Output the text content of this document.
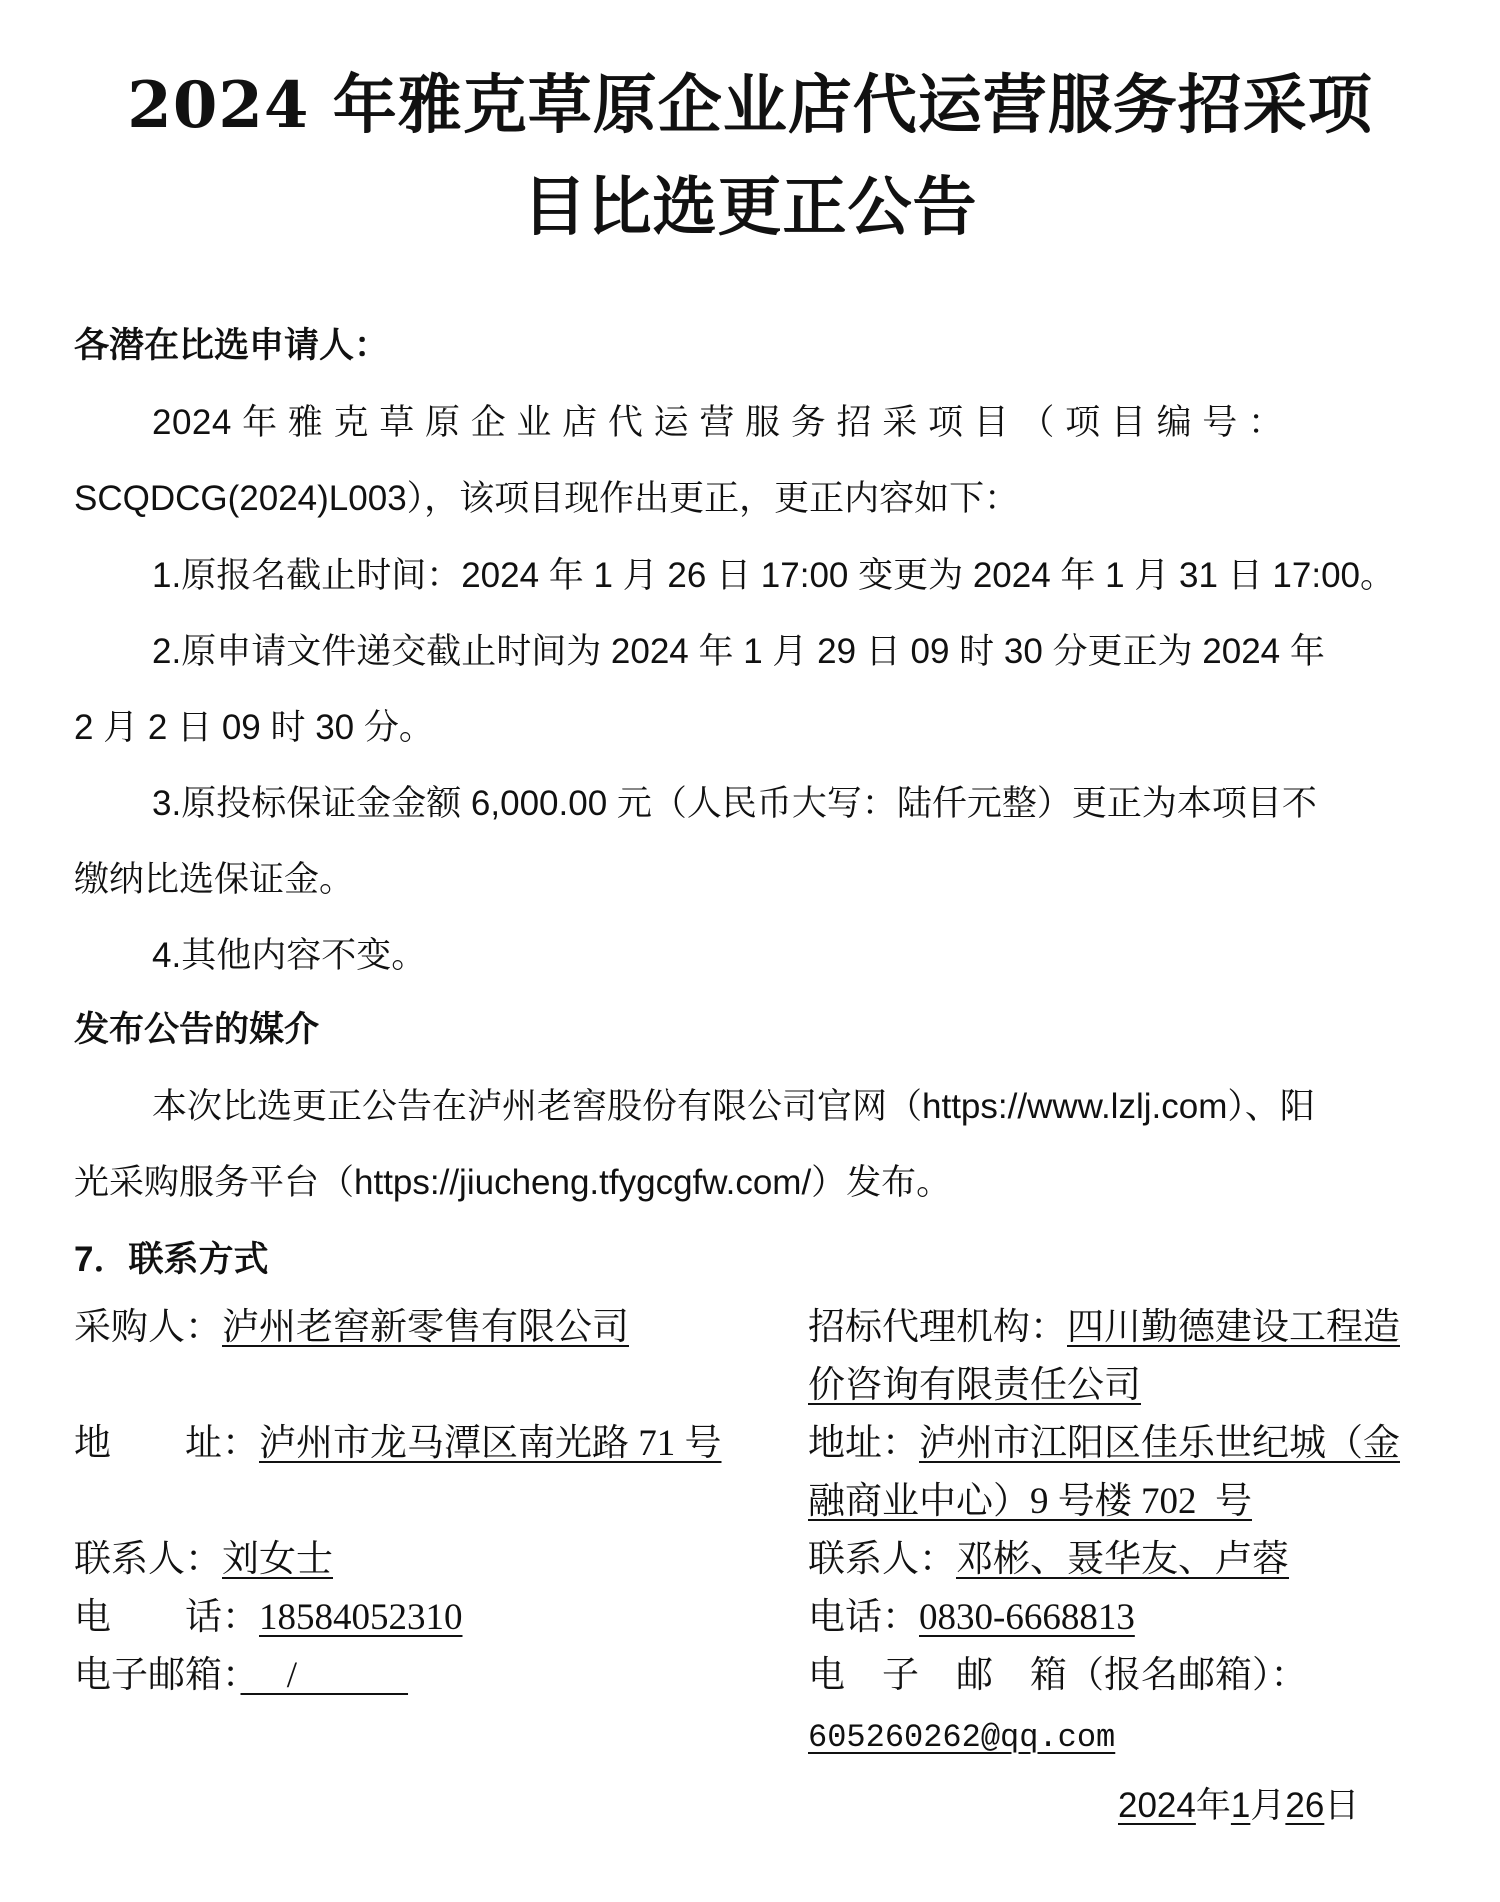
2024 年雅克草原企业店代运营服务招采项
目比选更正公告
各潜在比选申请人：
2024 年 雅 克 草 原 企 业 店 代 运 营 服 务 招 采 项 目 （ 项 目 编 号 ：
SCQDCG(2024)L003），该项目现作出更正，更正内容如下：
1.原报名截止时间：2024 年 1 月 26 日 17:00 变更为 2024 年 1 月 31 日 17:00。
2.原申请文件递交截止时间为 2024 年 1 月 29 日 09 时 30 分更正为 2024 年
2 月 2 日 09 时 30 分。
3.原投标保证金金额 6,000.00 元（人民币大写：陆仟元整）更正为本项目不
缴纳比选保证金。
4.其他内容不变。
发布公告的媒介
本次比选更正公告在泸州老窖股份有限公司官网（https://www.lzlj.com）、阳
光采购服务平台（https://jiucheng.tfygcgfw.com/）发布。
7．联系方式
采购人：泸州老窖新零售有限公司
地　　址：泸州市龙马潭区南光路 71 号
联系人：刘女士
电　　话：18584052310
电子邮箱：　 /　　　
招标代理机构：四川勤德建设工程造
价咨询有限责任公司
地址：泸州市江阳区佳乐世纪城（金
融商业中心）9 号楼 702  号
联系人：邓彬、聂华友、卢蓉
电话：0830-6668813
电　子　邮　箱（报名邮箱）：
605260262@qq.com
2024年1月26日
